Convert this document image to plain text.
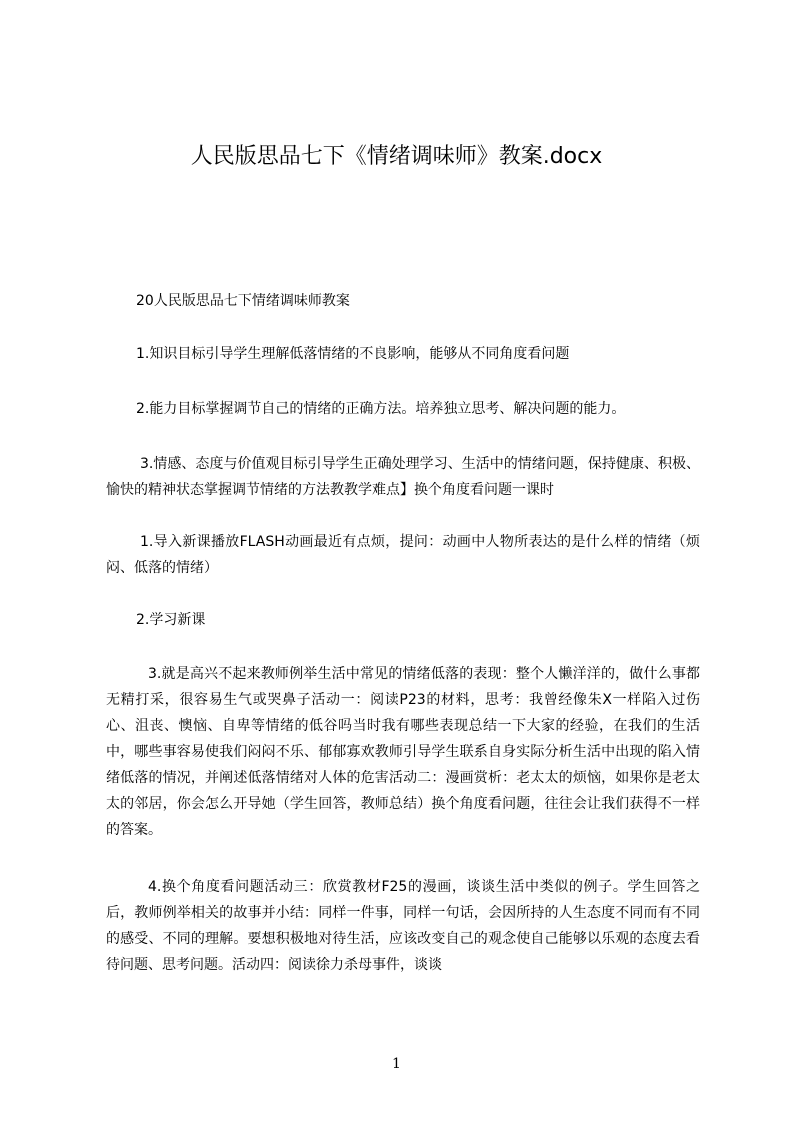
人民版思品七下《情绪调味师》教案.docx
20人民版思品七下情绪调味师教案
1.知识目标引导学生理解低落情绪的不良影响，能够从不同角度看问题
2.能力目标掌握调节自己的情绪的正确方法。培养独立思考、解决问题的能力。
3.情感、态度与价值观目标引导学生正确处理学习、生活中的情绪问题，保持健康、积极、愉快的精神状态掌握调节情绪的方法教教学难点】换个角度看问题一课时
1.导入新课播放FLASH动画最近有点烦，提问：动画中人物所表达的是什么样的情绪（烦闷、低落的情绪）
2.学习新课
3.就是高兴不起来教师例举生活中常见的情绪低落的表现：整个人懒洋洋的，做什么事都无精打采，很容易生气或哭鼻子活动一：阅读P23的材料，思考：我曾经像朱X一样陷入过伤心、沮丧、懊恼、自卑等情绪的低谷吗当时我有哪些表现总结一下大家的经验，在我们的生活中，哪些事容易使我们闷闷不乐、郁郁寡欢教师引导学生联系自身实际分析生活中出现的陷入情绪低落的情况，并阐述低落情绪对人体的危害活动二：漫画赏析：老太太的烦恼，如果你是老太太的邻居，你会怎么开导她（学生回答，教师总结）换个角度看问题，往往会让我们获得不一样的答案。
4.换个角度看问题活动三：欣赏教材F25的漫画，谈谈生活中类似的例子。学生回答之后，教师例举相关的故事并小结：同样一件事，同样一句话，会因所持的人生态度不同而有不同的感受、不同的理解。要想积极地对待生活，应该改变自己的观念使自己能够以乐观的态度去看待问题、思考问题。活动四：阅读徐力杀母事件，谈谈
1
